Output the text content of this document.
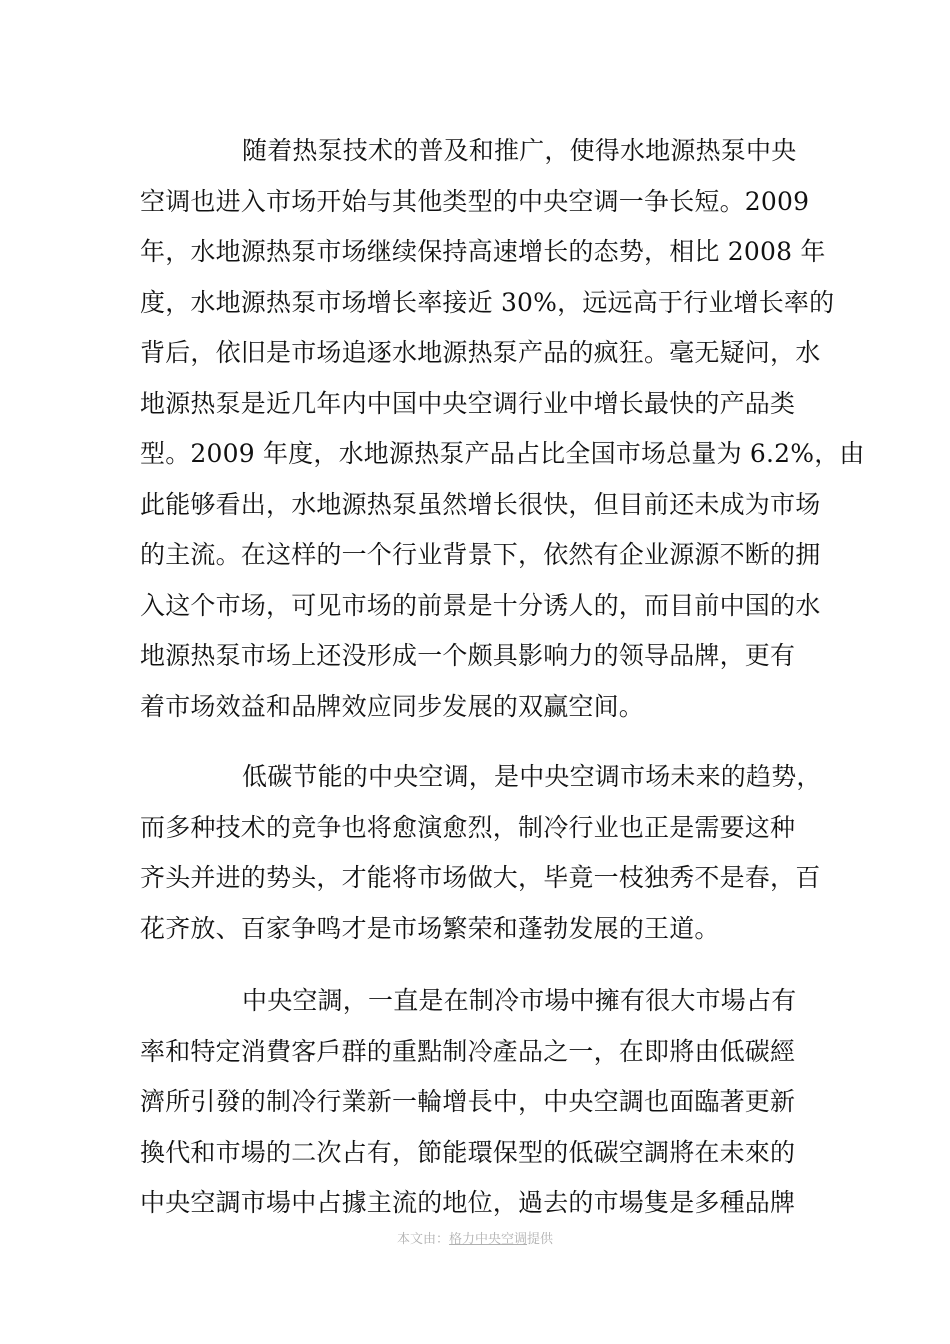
随着热泵技术的普及和推广，使得水地源热泵中央
空调也进入市场开始与其他类型的中央空调一争长短。2009
年，水地源热泵市场继续保持高速增长的态势，相比 2008 年
度，水地源热泵市场增长率接近 30%，远远高于行业增长率的
背后，依旧是市场追逐水地源热泵产品的疯狂。毫无疑问，水
地源热泵是近几年内中国中央空调行业中增长最快的产品类
型。2009 年度，水地源热泵产品占比全国市场总量为 6.2%，由
此能够看出，水地源热泵虽然增长很快，但目前还未成为市场
的主流。在这样的一个行业背景下，依然有企业源源不断的拥
入这个市场，可见市场的前景是十分诱人的，而目前中国的水
地源热泵市场上还没形成一个颇具影响力的领导品牌，更有
着市场效益和品牌效应同步发展的双赢空间。
低碳节能的中央空调，是中央空调市场未来的趋势，
而多种技术的竞争也将愈演愈烈，制冷行业也正是需要这种
齐头并进的势头，才能将市场做大，毕竟一枝独秀不是春，百
花齐放、百家争鸣才是市场繁荣和蓬勃发展的王道。
中央空調，一直是在制冷市場中擁有很大市場占有
率和特定消費客戶群的重點制冷產品之一，在即將由低碳經
濟所引發的制冷行業新一輪增長中，中央空調也面臨著更新
換代和市場的二次占有，節能環保型的低碳空調將在未來的
中央空調市場中占據主流的地位，過去的市場隻是多種品牌
本文由：格力中央空调提供
